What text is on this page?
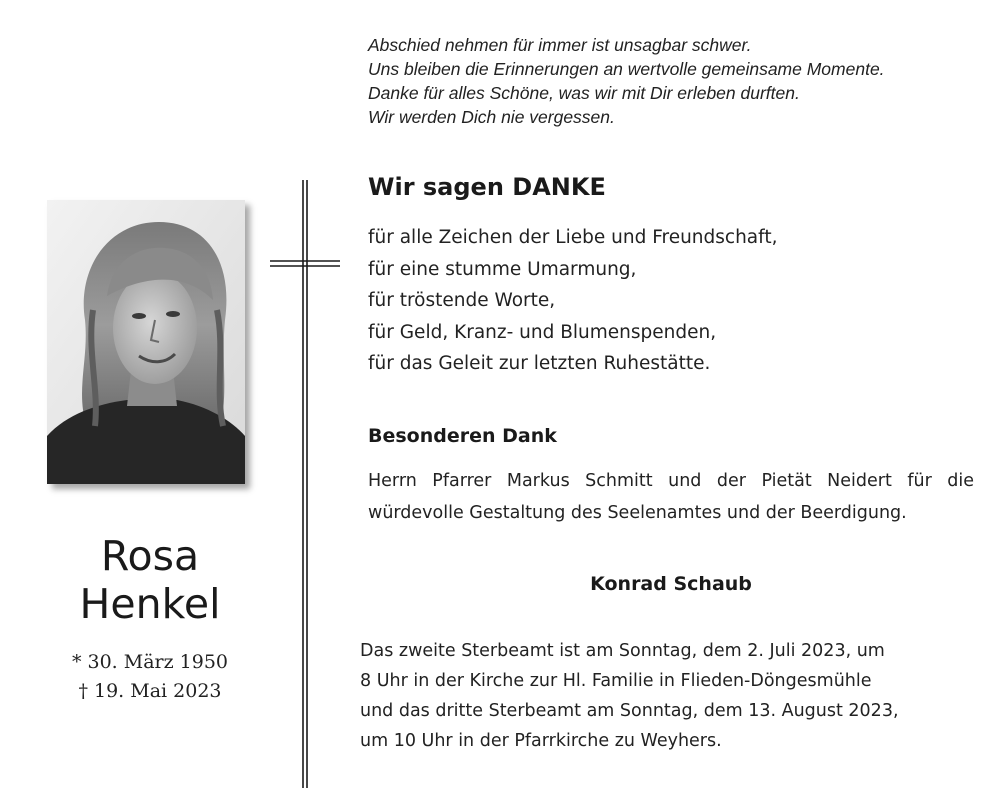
Abschied nehmen für immer ist unsagbar schwer.
Uns bleiben die Erinnerungen an wertvolle gemeinsame Momente.
Danke für alles Schöne, was wir mit Dir erleben durften.
Wir werden Dich nie vergessen.
Rosa
Henkel
* 30. März 1950
† 19. Mai 2023
Wir sagen DANKE
für alle Zeichen der Liebe und Freundschaft,
für eine stumme Umarmung,
für tröstende Worte,
für Geld, Kranz- und Blumenspenden,
für das Geleit zur letzten Ruhestätte.
Besonderen Dank
Herrn Pfarrer Markus Schmitt und der Pietät Neidert für die würdevolle Gestaltung des Seelenamtes und der Beerdigung.
Konrad Schaub
Das zweite Sterbeamt ist am Sonntag, dem 2. Juli 2023, um
8 Uhr in der Kirche zur Hl. Familie in Flieden-Döngesmühle
und das dritte Sterbeamt am Sonntag, dem 13. August 2023,
um 10 Uhr in der Pfarrkirche zu Weyhers.
